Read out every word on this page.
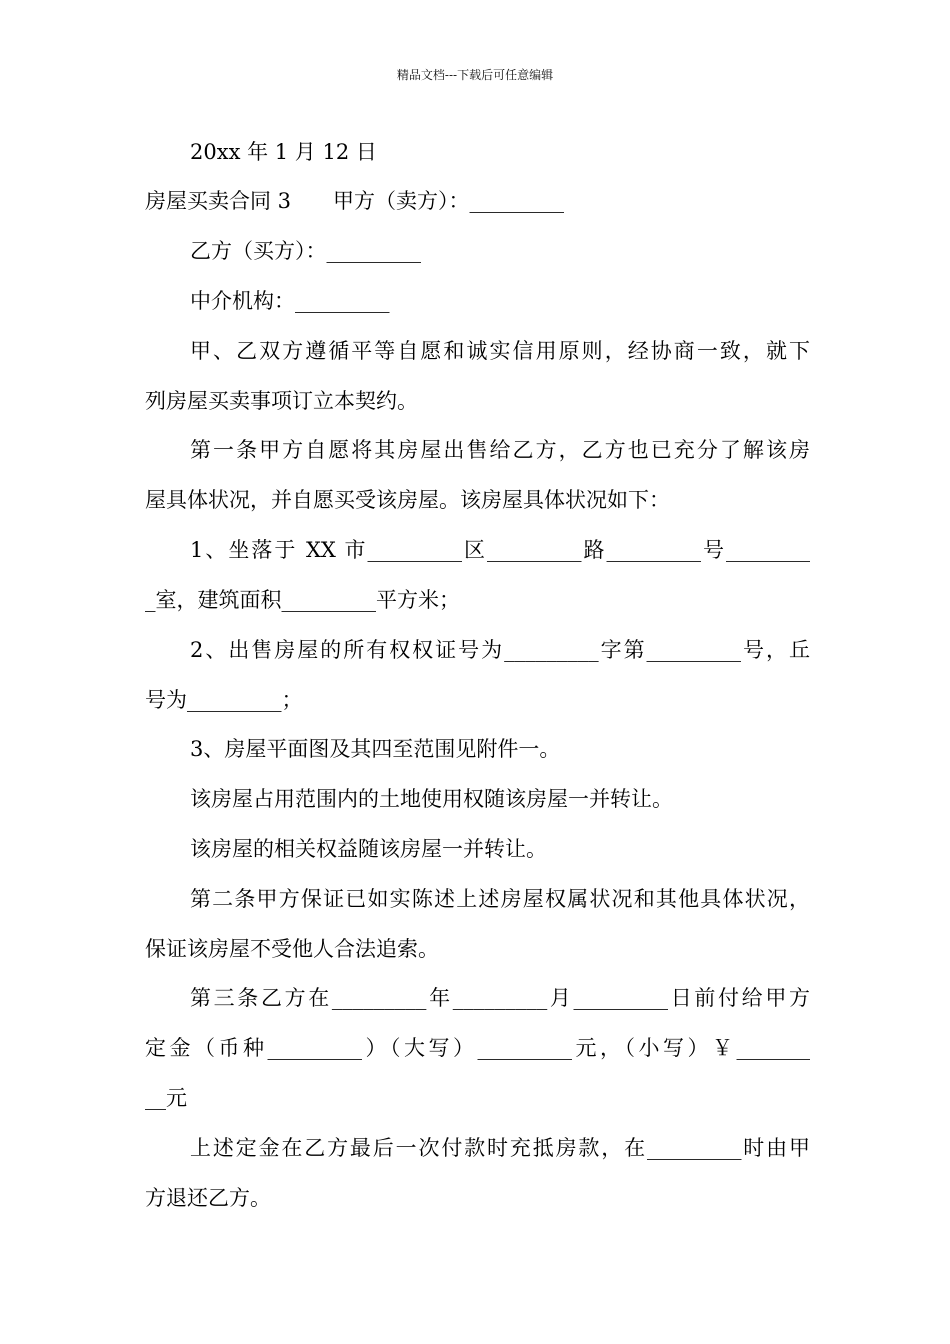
精品文档---下载后可任意编辑
20xx 年 1 月 12 日
房屋买卖合同 3　　甲方（卖方）：_________
乙方（买方）：_________
中介机构：_________
甲、乙双方遵循平等自愿和诚实信用原则，经协商一致，就下
列房屋买卖事项订立本契约。
第一条甲方自愿将其房屋出售给乙方，乙方也已充分了解该房
屋具体状况，并自愿买受该房屋。该房屋具体状况如下：
1、坐落于 XX 市_________区_________路_________号________
_室，建筑面积_________平方米；
2、出售房屋的所有权权证号为_________字第_________号，丘
号为_________；
3、房屋平面图及其四至范围见附件一。
该房屋占用范围内的土地使用权随该房屋一并转让。
该房屋的相关权益随该房屋一并转让。
第二条甲方保证已如实陈述上述房屋权属状况和其他具体状况，
保证该房屋不受他人合法追索。
第三条乙方在_________年_________月_________日前付给甲方
定金（币种_________）（大写）_________元，（小写）￥_______
__元
上述定金在乙方最后一次付款时充抵房款，在_________时由甲
方退还乙方。
